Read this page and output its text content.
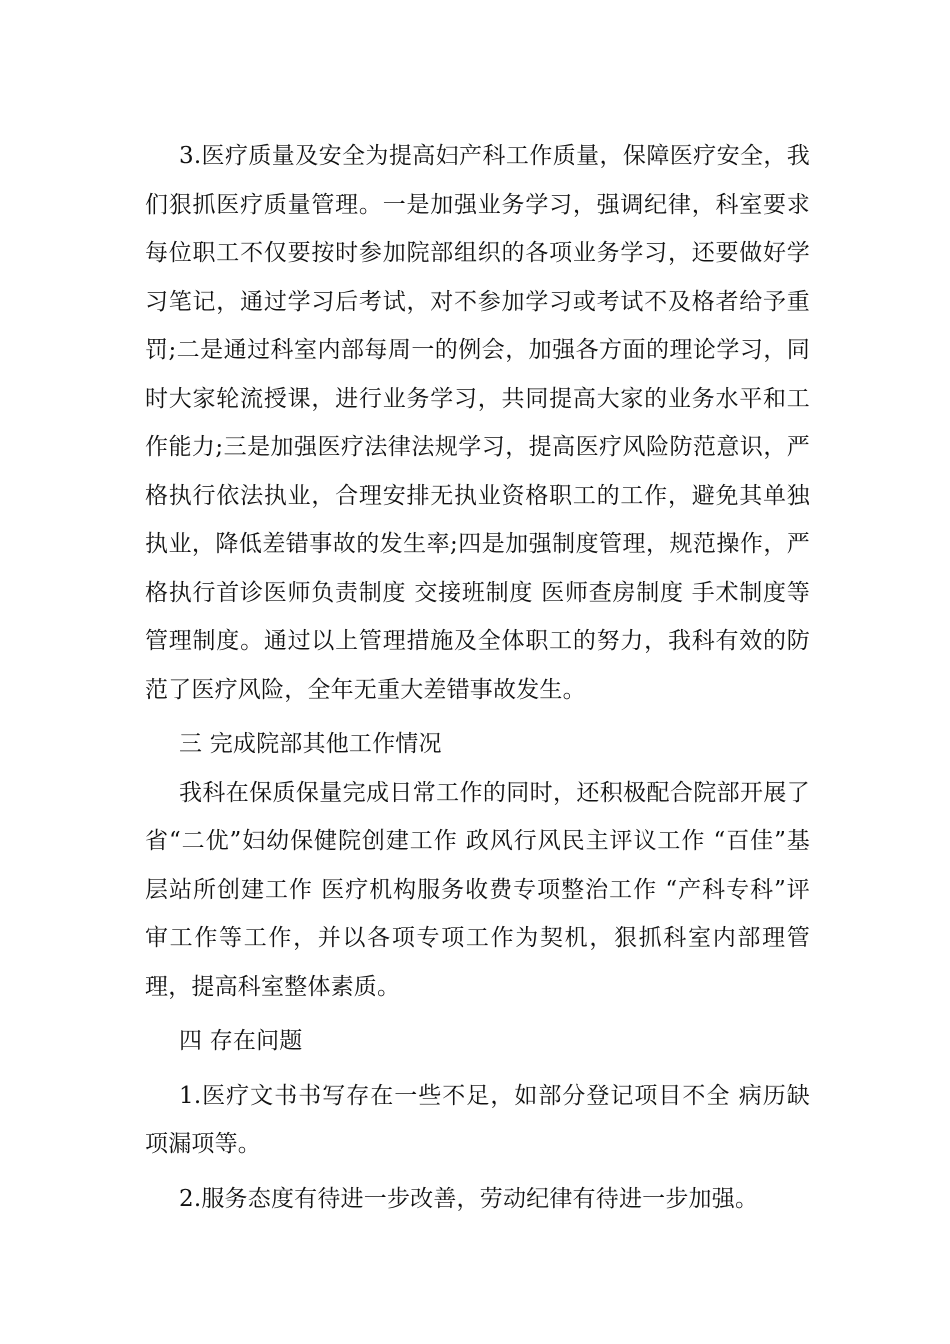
3.医疗质量及安全为提高妇产科工作质量，保障医疗安全，我们狠抓医疗质量管理。一是加强业务学习，强调纪律，科室要求每位职工不仅要按时参加院部组织的各项业务学习，还要做好学习笔记，通过学习后考试，对不参加学习或考试不及格者给予重罚;二是通过科室内部每周一的例会，加强各方面的理论学习，同时大家轮流授课，进行业务学习，共同提高大家的业务水平和工作能力;三是加强医疗法律法规学习，提高医疗风险防范意识，严格执行依法执业，合理安排无执业资格职工的工作，避免其单独执业，降低差错事故的发生率;四是加强制度管理，规范操作，严格执行首诊医师负责制度 交接班制度 医师查房制度 手术制度等管理制度。通过以上管理措施及全体职工的努力，我科有效的防范了医疗风险，全年无重大差错事故发生。

三 完成院部其他工作情况

我科在保质保量完成日常工作的同时，还积极配合院部开展了省“二优”妇幼保健院创建工作 政风行风民主评议工作 “百佳”基层站所创建工作 医疗机构服务收费专项整治工作 “产科专科”评审工作等工作，并以各项专项工作为契机，狠抓科室内部理管理，提高科室整体素质。

四 存在问题

1.医疗文书书写存在一些不足，如部分登记项目不全 病历缺项漏项等。

2.服务态度有待进一步改善，劳动纪律有待进一步加强。
